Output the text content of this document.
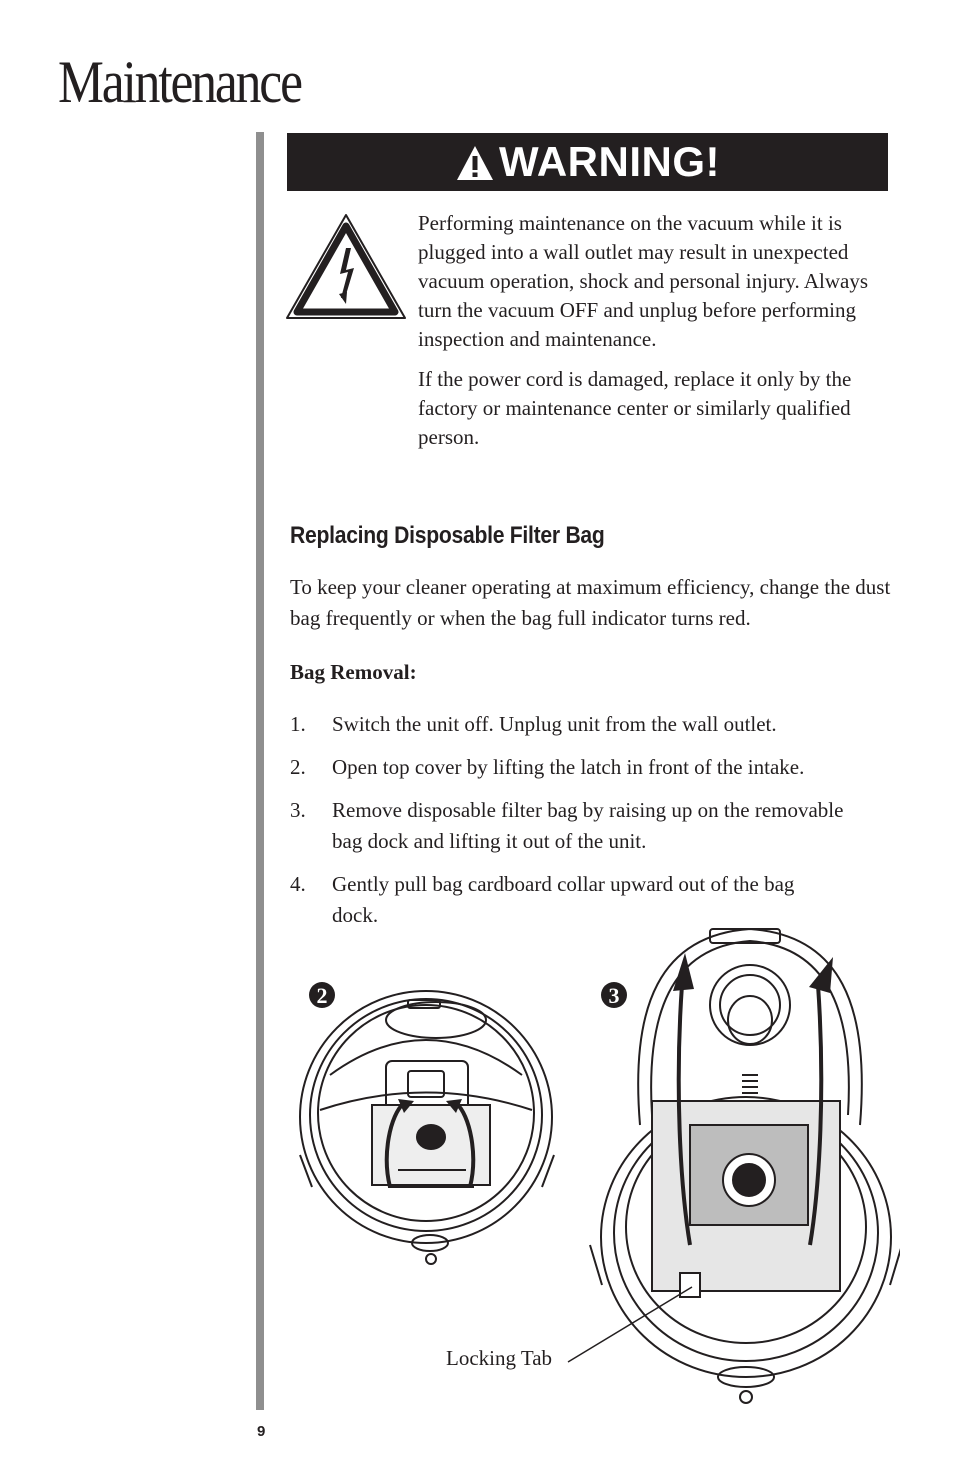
Maintenance
WARNING!

Performing maintenance on the vacuum while it is plugged into a wall outlet may result in unexpected vacuum operation, shock and personal injury. Always turn the vacuum OFF and unplug before performing inspection and maintenance.

If the power cord is damaged, replace it only by the factory or maintenance center or similarly qualified person.

Replacing Disposable Filter Bag
To keep your cleaner operating at maximum efficiency, change the dust bag frequently or when the bag full indicator turns red.
Bag Removal:
1.	Switch the unit off. Unplug unit from the wall outlet.
2.	Open top cover by lifting the latch in front of the intake.
3.	Remove disposable filter bag by raising up on the removable bag dock and lifting it out of the unit.
4.	Gently pull bag cardboard collar upward out of the bag dock.
2	3
Locking Tab
9
